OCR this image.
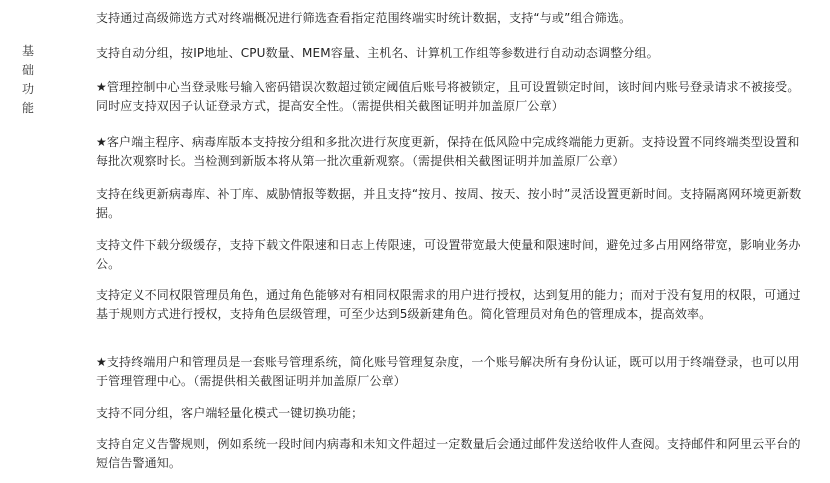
基
础
功
能

支持通过高级筛选方式对终端概况进行筛选查看指定范围终端实时统计数据，支持“与或”组合筛选。

支持自动分组，按IP地址、CPU数量、MEM容量、主机名、计算机工作组等参数进行自动动态调整分组。

★管理控制中心当登录账号输入密码错误次数超过锁定阈值后账号将被锁定，且可设置锁定时间，该时间内账号登录请求不被接受。同时应支持双因子认证登录方式，提高安全性。（需提供相关截图证明并加盖原厂公章）

★客户端主程序、病毒库版本支持按分组和多批次进行灰度更新，保持在低风险中完成终端能力更新。支持设置不同终端类型设置和每批次观察时长。当检测到新版本将从第一批次重新观察。（需提供相关截图证明并加盖原厂公章）

支持在线更新病毒库、补丁库、威胁情报等数据，并且支持“按月、按周、按天、按小时”灵活设置更新时间。支持隔离网环境更新数据。

支持文件下载分级缓存，支持下载文件限速和日志上传限速，可设置带宽最大使量和限速时间，避免过多占用网络带宽，影响业务办公。

支持定义不同权限管理员角色，通过角色能够对有相同权限需求的用户进行授权，达到复用的能力；而对于没有复用的权限，可通过基于规则方式进行授权，支持角色层级管理，可至少达到5级新建角色。简化管理员对角色的管理成本，提高效率。

★支持终端用户和管理员是一套账号管理系统，简化账号管理复杂度，一个账号解决所有身份认证，既可以用于终端登录，也可以用于管理管理中心。（需提供相关截图证明并加盖原厂公章）

支持不同分组，客户端轻量化模式一键切换功能；

支持自定义告警规则，例如系统一段时间内病毒和未知文件超过一定数量后会通过邮件发送给收件人查阅。支持邮件和阿里云平台的短信告警通知。
